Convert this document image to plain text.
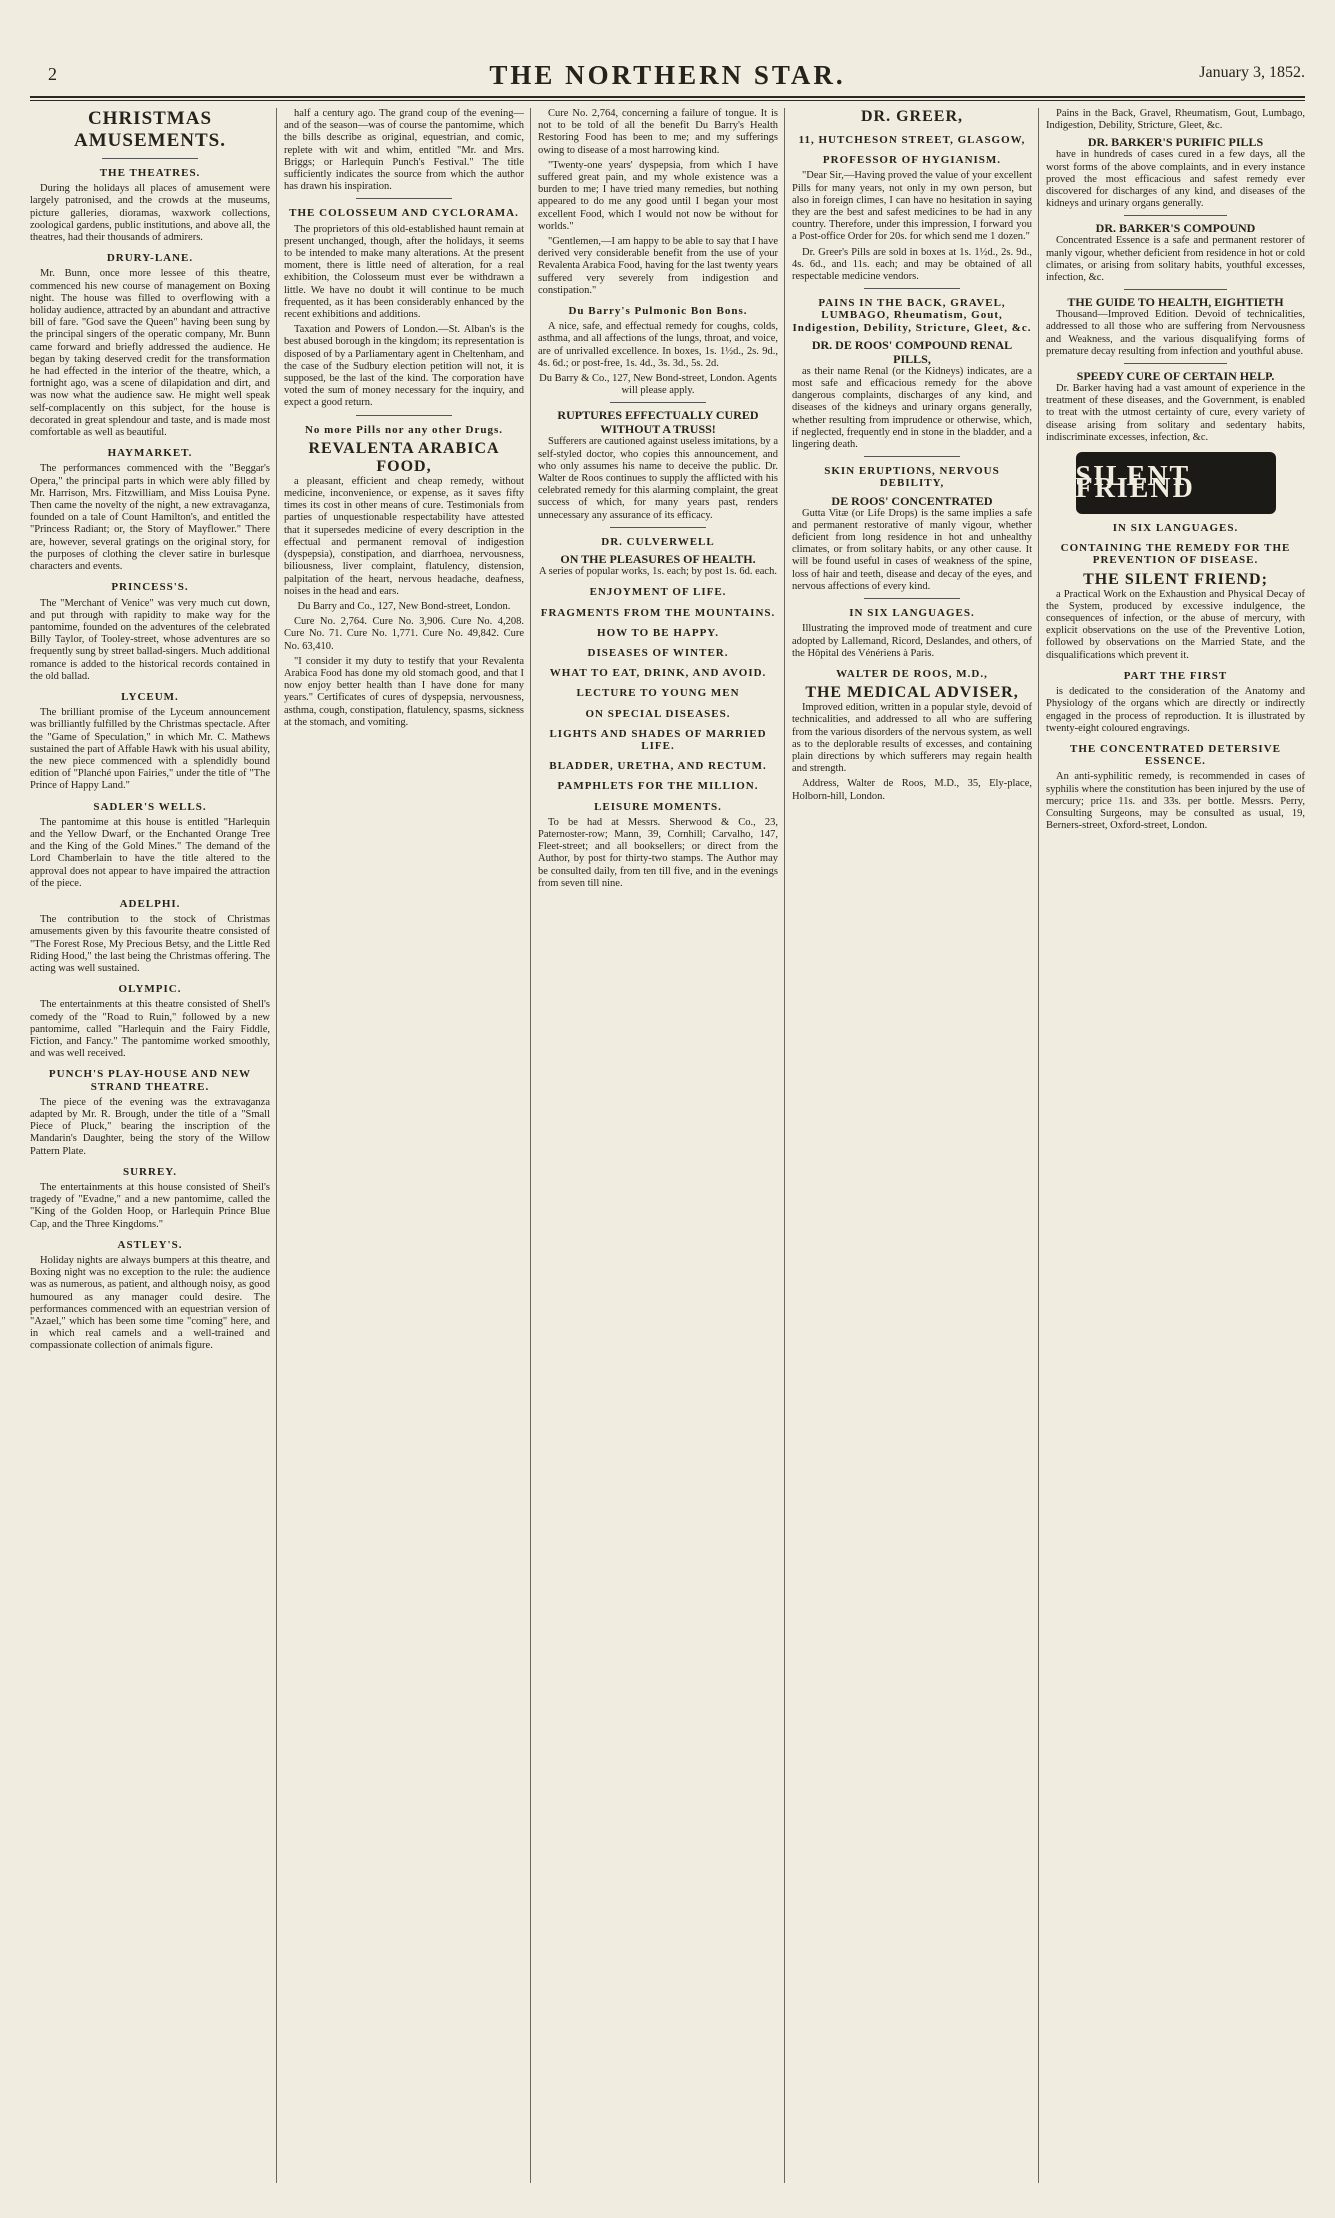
2	THE NORTHERN STAR.	January 3, 1852.
CHRISTMAS AMUSEMENTS.
THE THEATRES.

During the holidays all places of amusement were largely patronised, and the crowds at the museums, picture galleries, dioramas, waxwork collections, zoological gardens, public institutions, and above all, the theatres, had their thousands of admirers.

DRURY-LANE.

Mr. Bunn, once more lessee of this theatre, commenced his new course of management on Boxing night. The house was filled to overflowing with a holiday audience, attracted by an abundant and attractive bill of fare. "God save the Queen" having been sung by the principal singers of the operatic company, Mr. Bunn came forward and briefly addressed the audience. He began by taking deserved credit for the transformation he had effected in the interior of the theatre, which, a fortnight ago, was a scene of dilapidation and dirt, and was now what the audience saw. He might well speak self-complacently on this subject, for the house is decorated in great splendour and taste, and is made most comfortable as well as beautiful.

HAYMARKET.

The performances commenced with the "Beggar's Opera," the principal parts in which were ably filled by Mr. Harrison, Mrs. Fitzwilliam, and Miss Louisa Pyne. Then came the novelty of the night, a new extravaganza, founded on a tale of Count Hamilton's, and entitled the "Princess Radiant; or, the Story of Mayflower." There are, however, several gratings on the original story, for the purposes of clothing the clever satire in burlesque characters and events.

PRINCESS'S.

The "Merchant of Venice" was very much cut down, and put through with rapidity to make way for the pantomime, founded on the adventures of the celebrated Billy Taylor, of Tooley-street, whose adventures are so frequently sung by street ballad-singers. Much additional romance is added to the historical records contained in the old ballad.

LYCEUM.

The brilliant promise of the Lyceum announcement was brilliantly fulfilled by the Christmas spectacle. After the "Game of Speculation," in which Mr. C. Mathews sustained the part of Affable Hawk with his usual ability, the new piece commenced with a splendidly bound edition of "Planché upon Fairies," under the title of "The Prince of Happy Land."

SADLER'S WELLS.

The pantomime at this house is entitled "Harlequin and the Yellow Dwarf, or the Enchanted Orange Tree and the King of the Gold Mines." The demand of the Lord Chamberlain to have the title altered to the approval does not appear to have impaired the attraction of the piece.

ADELPHI.

The contribution to the stock of Christmas amusements given by this favourite theatre consisted of "The Forest Rose, My Precious Betsy, and the Little Red Riding Hood," the last being the Christmas offering. The acting was well sustained.

OLYMPIC.

The entertainments at this theatre consisted of Shell's comedy of the "Road to Ruin," followed by a new pantomime, called "Harlequin and the Fairy Fiddle, Fiction, and Fancy." The pantomime worked smoothly, and was well received.

PUNCH'S PLAY-HOUSE AND NEW STRAND THEATRE.

The piece of the evening was the extravaganza adapted by Mr. R. Brough, under the title of a "Small Piece of Pluck," bearing the inscription of the Mandarin's Daughter, being the story of the Willow Pattern Plate.

SURREY.

The entertainments at this house consisted of Sheil's tragedy of "Evadne," and a new pantomime, called the "King of the Golden Hoop, or Harlequin Prince Blue Cap, and the Three Kingdoms."

ASTLEY'S.

Holiday nights are always bumpers at this theatre, and Boxing night was no exception to the rule: the audience was as numerous, as patient, and although noisy, as good humoured as any manager could desire. The performances commenced with an equestrian version of "Azael," which has been some time "coming" here, and in which real camels and a well-trained and compassionate collection of animals figure.

half a century ago. The grand coup of the evening—and of the season—was of course the pantomime, which the bills describe as original, equestrian, and comic, replete with wit and whim, entitled "Mr. and Mrs. Briggs; or Harlequin Punch's Festival." The title sufficiently indicates the source from which the author has drawn his inspiration.

THE COLOSSEUM AND CYCLORAMA.

The proprietors of this old-established haunt remain at present unchanged, though, after the holidays, it seems to be intended to make many alterations. At the present moment, there is little need of alteration, for a real exhibition, the Colosseum must ever be withdrawn a little. We have no doubt it will continue to be much frequented, as it has been considerably enhanced by the recent exhibitions and additions.

Taxation and Powers of London.—St. Alban's is the best abused borough in the kingdom; its representation is disposed of by a Parliamentary agent in Cheltenham, and the case of the Sudbury election petition will not, it is supposed, be the last of the kind. The corporation have voted the sum of money necessary for the inquiry, and expect a good return.

No more Pills nor any other Drugs.
REVALENTA ARABICA FOOD,

a pleasant, efficient and cheap remedy, without medicine, inconvenience, or expense, as it saves fifty times its cost in other means of cure. Testimonials from parties of unquestionable respectability have attested that it supersedes medicine of every description in the effectual and permanent removal of indigestion (dyspepsia), constipation, and diarrhoea, nervousness, biliousness, liver complaint, flatulency, distension, palpitation of the heart, nervous headache, deafness, noises in the head and ears.

Du Barry and Co., 127, New Bond-street, London.

Cure No. 2,764. Cure No. 3,906. Cure No. 4,208. Cure No. 71. Cure No. 1,771. Cure No. 49,842. Cure No. 63,410.

"I consider it my duty to testify that your Revalenta Arabica Food has done my old stomach good, and that I now enjoy better health than I have done for many years." Certificates of cures of dyspepsia, nervousness, asthma, cough, constipation, flatulency, spasms, sickness at the stomach, and vomiting.

Cure No. 2,764, concerning a failure of tongue. It is not to be told of all the benefit Du Barry's Health Restoring Food has been to me; and my sufferings owing to disease of a most harrowing kind.

"Twenty-one years' dyspepsia, from which I have suffered great pain, and my whole existence was a burden to me; I have tried many remedies, but nothing appeared to do me any good until I began your most excellent Food, which I would not now be without for worlds."

"Gentlemen,—I am happy to be able to say that I have derived very considerable benefit from the use of your Revalenta Arabica Food, having for the last twenty years suffered very severely from indigestion and constipation."

Du Barry's Pulmonic Bon Bons.

A nice, safe, and effectual remedy for coughs, colds, asthma, and all affections of the lungs, throat, and voice, are of unrivalled excellence. In boxes, 1s. 1½d., 2s. 9d., 4s. 6d.; or post-free, 1s. 4d., 3s. 3d., 5s. 2d.

Du Barry & Co., 127, New Bond-street, London. Agents will please apply.

RUPTURES EFFECTUALLY CURED WITHOUT A TRUSS!

Sufferers are cautioned against useless imitations, by a self-styled doctor, who copies this announcement, and who only assumes his name to deceive the public. Dr. Walter de Roos continues to supply the afflicted with his celebrated remedy for this alarming complaint, the great success of which, for many years past, renders unnecessary any assurance of its efficacy.

DR. CULVERWELL
ON THE PLEASURES OF HEALTH.

A series of popular works, 1s. each; by post 1s. 6d. each.

ENJOYMENT OF LIFE.
FRAGMENTS FROM THE MOUNTAINS.
HOW TO BE HAPPY.
DISEASES OF WINTER.
WHAT TO EAT, DRINK, AND AVOID.
LECTURE TO YOUNG MEN
ON SPECIAL DISEASES.
LIGHTS AND SHADES OF MARRIED LIFE.
BLADDER, URETHA, AND RECTUM.
PAMPHLETS FOR THE MILLION.
LEISURE MOMENTS.

To be had at Messrs. Sherwood & Co., 23, Paternoster-row; Mann, 39, Cornhill; Carvalho, 147, Fleet-street; and all booksellers; or direct from the Author, by post for thirty-two stamps. The Author may be consulted daily, from ten till five, and in the evenings from seven till nine.

DR. GREER,
11, HUTCHESON STREET, GLASGOW,
PROFESSOR OF HYGIANISM.

"Dear Sir,—Having proved the value of your excellent Pills for many years, not only in my own person, but also in foreign climes, I can have no hesitation in saying they are the best and safest medicines to be had in any country. Therefore, under this impression, I forward you a Post-office Order for 20s. for which send me 1 dozen."

Dr. Greer's Pills are sold in boxes at 1s. 1½d., 2s. 9d., 4s. 6d., and 11s. each; and may be obtained of all respectable medicine vendors.

PAINS IN THE BACK, GRAVEL, LUMBAGO, Rheumatism, Gout, Indigestion, Debility, Stricture, Gleet, &c.
DR. DE ROOS' COMPOUND RENAL PILLS,

as their name Renal (or the Kidneys) indicates, are a most safe and efficacious remedy for the above dangerous complaints, discharges of any kind, and diseases of the kidneys and urinary organs generally, whether resulting from imprudence or otherwise, which, if neglected, frequently end in stone in the bladder, and a lingering death.

SKIN ERUPTIONS, NERVOUS DEBILITY,
DE ROOS' CONCENTRATED

Gutta Vitæ (or Life Drops) is the same implies a safe and permanent restorative of manly vigour, whether deficient from long residence in hot and unhealthy climates, or from solitary habits, or any other cause. It will be found useful in cases of weakness of the spine, loss of hair and teeth, disease and decay of the eyes, and nervous affections of every kind.

IN SIX LANGUAGES.

Illustrating the improved mode of treatment and cure adopted by Lallemand, Ricord, Deslandes, and others, of the Hôpital des Vénériens à Paris.

WALTER DE ROOS, M.D.,
THE MEDICAL ADVISER,

Improved edition, written in a popular style, devoid of technicalities, and addressed to all who are suffering from the various disorders of the nervous system, as well as to the deplorable results of excesses, and containing plain directions by which sufferers may regain health and strength.

Address, Walter de Roos, M.D., 35, Ely-place, Holborn-hill, London.

Pains in the Back, Gravel, Rheumatism, Gout, Lumbago, Indigestion, Debility, Stricture, Gleet, &c.

DR. BARKER'S PURIFIC PILLS

have in hundreds of cases cured in a few days, all the worst forms of the above complaints, and in every instance proved the most efficacious and safest remedy ever discovered for discharges of any kind, and diseases of the kidneys and urinary organs generally.

DR. BARKER'S COMPOUND

Concentrated Essence is a safe and permanent restorer of manly vigour, whether deficient from residence in hot or cold climates, or arising from solitary habits, youthful excesses, infection, &c.

THE GUIDE TO HEALTH, EIGHTIETH

Thousand—Improved Edition. Devoid of technicalities, addressed to all those who are suffering from Nervousness and Weakness, and the various disqualifying forms of premature decay resulting from infection and youthful abuse.

SPEEDY CURE OF CERTAIN HELP.

Dr. Barker having had a vast amount of experience in the treatment of these diseases, and the Government, is enabled to treat with the utmost certainty of cure, every variety of disease arising from solitary and sedentary habits, indiscriminate excesses, infection, &c.

SILENT FRIEND
IN SIX LANGUAGES.
CONTAINING THE REMEDY FOR THE PREVENTION OF DISEASE.
THE SILENT FRIEND;

a Practical Work on the Exhaustion and Physical Decay of the System, produced by excessive indulgence, the consequences of infection, or the abuse of mercury, with explicit observations on the use of the Preventive Lotion, followed by observations on the Married State, and the disqualifications which prevent it.

PART THE FIRST

is dedicated to the consideration of the Anatomy and Physiology of the organs which are directly or indirectly engaged in the process of reproduction. It is illustrated by twenty-eight coloured engravings.

THE CONCENTRATED DETERSIVE ESSENCE.

An anti-syphilitic remedy, is recommended in cases of syphilis where the constitution has been injured by the use of mercury; price 11s. and 33s. per bottle. Messrs. Perry, Consulting Surgeons, may be consulted as usual, 19, Berners-street, Oxford-street, London.
